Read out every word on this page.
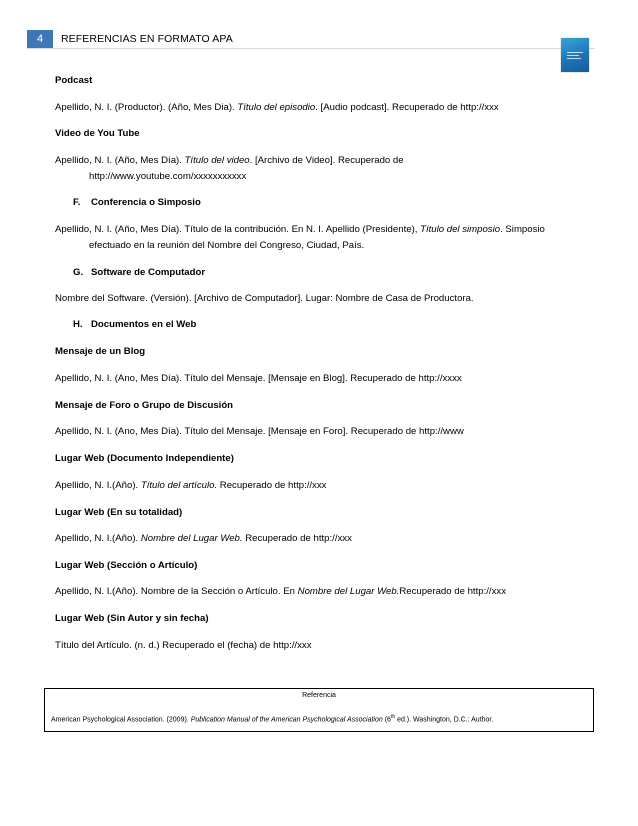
4	REFERENCIAS EN FORMATO APA
Podcast
Apellido, N. I. (Productor). (Año, Mes Dia). Título del episodio. [Audio podcast]. Recuperado de http://xxx
Video de You Tube
Apellido, N. I. (Año, Mes Día). Título del video. [Archivo de Video]. Recuperado de
http://www.youtube.com/xxxxxxxxxxx
F. Conferencia o Simposio
Apellido, N. I. (Año, Mes Día). Título de la contribución. En N. I. Apellido (Presidente), Título del simposio. Simposio
efectuado en la reunión del Nombre del Congreso, Ciudad, País.
G. Software de Computador
Nombre del Software. (Versión). [Archivo de Computador]. Lugar: Nombre de Casa de Productora.
H. Documentos en el Web
Mensaje de un Blog
Apellido, N. I. (Ano, Mes Día). Título del Mensaje. [Mensaje en Blog]. Recuperado de http://xxxx
Mensaje de Foro o Grupo de Discusión
Apellido, N. I. (Ano, Mes Día). Título del Mensaje. [Mensaje en Foro]. Recuperado de http://www
Lugar Web (Documento Independiente)
Apellido, N. I.(Año). Título del artículo. Recuperado de http://xxx
Lugar Web (En su totalidad)
Apellido, N. I.(Año). Nombre del Lugar Web. Recuperado de http://xxx
Lugar Web (Sección o Artículo)
Apellido, N. I.(Año). Nombre de la Sección o Artículo. En Nombre del Lugar Web.Recuperado de http://xxx
Lugar Web (Sin Autor y sin fecha)
Título del Artículo. (n. d.) Recuperado el (fecha) de http://xxx
Referencia
American Psychological Association. (2009). Publication Manual of the American Psychological Association (6th ed.). Washington, D.C.: Author.
